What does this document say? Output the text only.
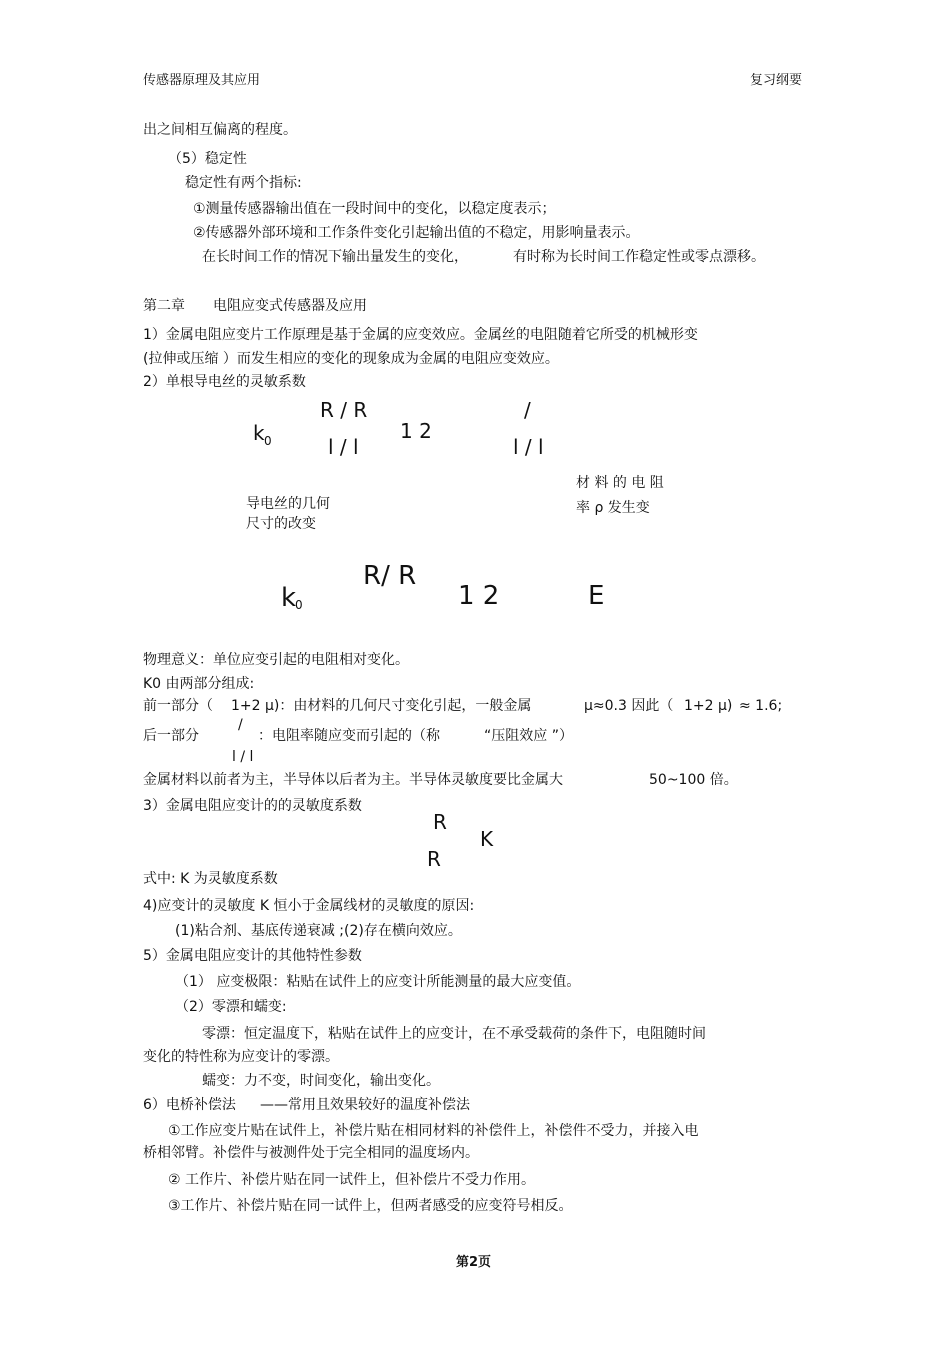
传感器原理及其应用	复习纲要
出之间相互偏离的程度。
（5）稳定性
稳定性有两个指标:
①测量传感器输出值在一段时间中的变化，以稳定度表示；
②传感器外部环境和工作条件变化引起输出值的不稳定，用影响量表示。
在长时间工作的情况下输出量发生的变化，	有时称为长时间工作稳定性或零点漂移。
第二章 电阻应变式传感器及应用
1）金属电阻应变片工作原理是基于金属的应变效应。金属丝的电阻随着它所受的机械形变
(拉伸或压缩 ）而发生相应的变化的现象成为金属的电阻应变效应。
2）单根导电丝的灵敏系数
k 0
R / R
l / l
1 2
/
l / l
材 料 的 电 阻
率 ρ 发生变
导电丝的几何
尺寸的改变
k
0
R/ R
1 2	E
物理意义：单位应变引起的电阻相对变化。
K0 由两部分组成:
前一部分（ 1+2 μ)：由材料的几何尺寸变化引起，一般金属	μ≈0.3 因此（ 1+2 μ) ≈ 1.6;
/
后一部分	：电阻率随应变而引起的（称	“压阻效应 ”）
l / l
金属材料以前者为主，半导体以后者为主。半导体灵敏度要比金属大	50~100 倍。
3）金属电阻应变计的的灵敏度系数
R
K
R
式中: K 为灵敏度系数
4)应变计的灵敏度 K 恒小于金属线材的灵敏度的原因:
(1)粘合剂、基底传递衰减 ;(2)存在横向效应。
5）金属电阻应变计的其他特性参数
（1） 应变极限：粘贴在试件上的应变计所能测量的最大应变值。
（2）零漂和蠕变:
零漂：恒定温度下，粘贴在试件上的应变计，在不承受载荷的条件下，电阻随时间
变化的特性称为应变计的零漂。
蠕变：力不变，时间变化，输出变化。
6）电桥补偿法 ——常用且效果较好的温度补偿法
①工作应变片贴在试件上，补偿片贴在相同材料的补偿件上，补偿件不受力，并接入电
桥相邻臂。补偿件与被测件处于完全相同的温度场内。
② 工作片、补偿片贴在同一试件上，但补偿片不受力作用。
③工作片、补偿片贴在同一试件上，但两者感受的应变符号相反。
第2页
